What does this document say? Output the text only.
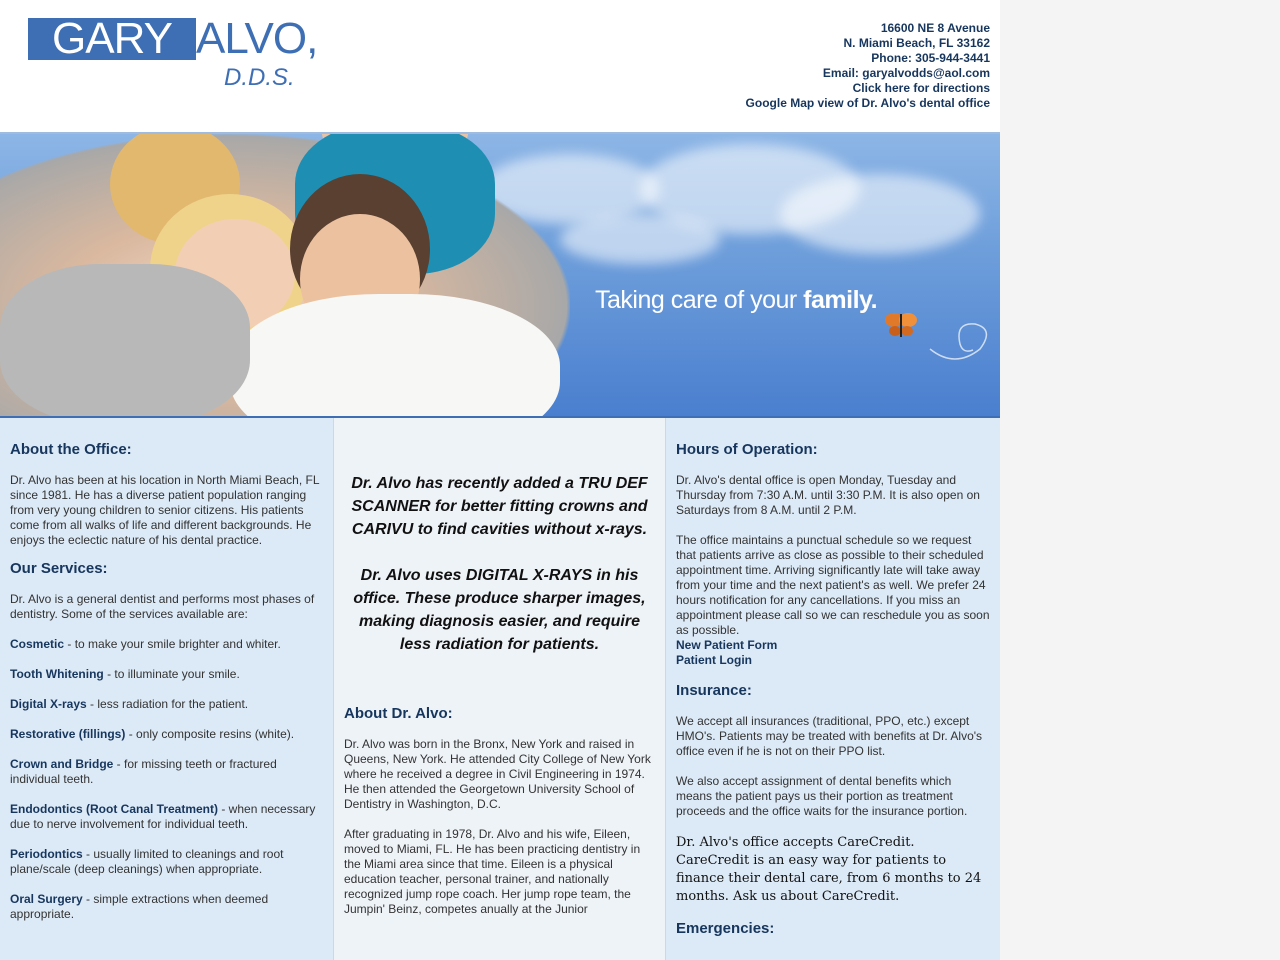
GARY ALVO,
D.D.S.
16600 NE 8 Avenue
N. Miami Beach, FL 33162
Phone: 305-944-3441
Email: garyalvodds@aol.com
Click here for directions
Google Map view of Dr. Alvo's dental office
Taking care of your family.
About the Office:

Dr. Alvo has been at his location in North Miami Beach, FL since 1981. He has a diverse patient population ranging from very young children to senior citizens. His patients come from all walks of life and different backgrounds. He enjoys the eclectic nature of his dental practice.

Our Services:

Dr. Alvo is a general dentist and performs most phases of dentistry. Some of the services available are:

Cosmetic - to make your smile brighter and whiter.

Tooth Whitening - to illuminate your smile.

Digital X-rays - less radiation for the patient.

Restorative (fillings) - only composite resins (white).

Crown and Bridge - for missing teeth or fractured individual teeth.

Endodontics (Root Canal Treatment) - when necessary due to nerve involvement for individual teeth.

Periodontics - usually limited to cleanings and root plane/scale (deep cleanings) when appropriate.

Oral Surgery - simple extractions when deemed appropriate.

Dr. Alvo has recently added a TRU DEF SCANNER for better fitting crowns and CARIVU to find cavities without x-rays.

Dr. Alvo uses DIGITAL X-RAYS in his office. These produce sharper images, making diagnosis easier, and require less radiation for patients.

About Dr. Alvo:

Dr. Alvo was born in the Bronx, New York and raised in Queens, New York. He attended City College of New York where he received a degree in Civil Engineering in 1974. He then attended the Georgetown University School of Dentistry in Washington, D.C.

After graduating in 1978, Dr. Alvo and his wife, Eileen, moved to Miami, FL. He has been practicing dentistry in the Miami area since that time. Eileen is a physical education teacher, personal trainer, and nationally recognized jump rope coach. Her jump rope team, the Jumpin' Beinz, competes anually at the Junior

Hours of Operation:

Dr. Alvo's dental office is open Monday, Tuesday and Thursday from 7:30 A.M. until 3:30 P.M. It is also open on Saturdays from 8 A.M. until 2 P.M.

The office maintains a punctual schedule so we request that patients arrive as close as possible to their scheduled appointment time. Arriving significantly late will take away from your time and the next patient's as well. We prefer 24 hours notification for any cancellations. If you miss an appointment please call so we can reschedule you as soon as possible.

New Patient Form
Patient Login
Insurance:

We accept all insurances (traditional, PPO, etc.) except HMO's. Patients may be treated with benefits at Dr. Alvo's office even if he is not on their PPO list.

We also accept assignment of dental benefits which means the patient pays us their portion as treatment proceeds and the office waits for the insurance portion.

Dr. Alvo's office accepts CareCredit. CareCredit is an easy way for patients to finance their dental care, from 6 months to 24 months. Ask us about CareCredit.

Emergencies:
